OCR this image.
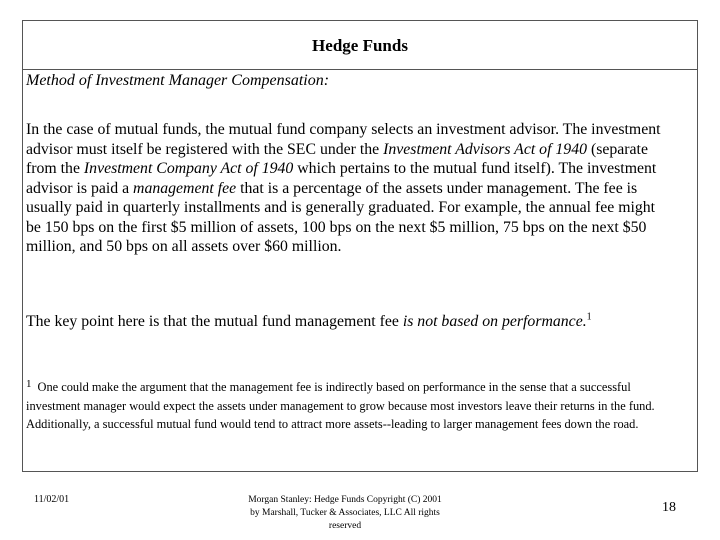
Hedge Funds
Method of Investment Manager Compensation:

In the case of mutual funds, the mutual fund company selects an investment advisor. The investment advisor must itself be registered with the SEC under the Investment Advisors Act of 1940 (separate from the Investment Company Act of 1940 which pertains to the mutual fund itself). The investment advisor is paid a management fee that is a percentage of the assets under management. The fee is usually paid in quarterly installments and is generally graduated. For example, the annual fee might be 150 bps on the first $5 million of assets, 100 bps on the next $5 million, 75 bps on the next $50 million, and 50 bps on all assets over $60 million.

The key point here is that the mutual fund management fee is not based on performance.$^1$

1 One could make the argument that the management fee is indirectly based on performance in the sense that a successful investment manager would expect the assets under management to grow because most investors leave their returns in the fund. Additionally, a successful mutual fund would tend to attract more assets--leading to larger management fees down the road.

11/02/01	Morgan Stanley: Hedge Funds Copyright (C) 2001
by Marshall, Tucker & Associates, LLC All rights
reserved
18
